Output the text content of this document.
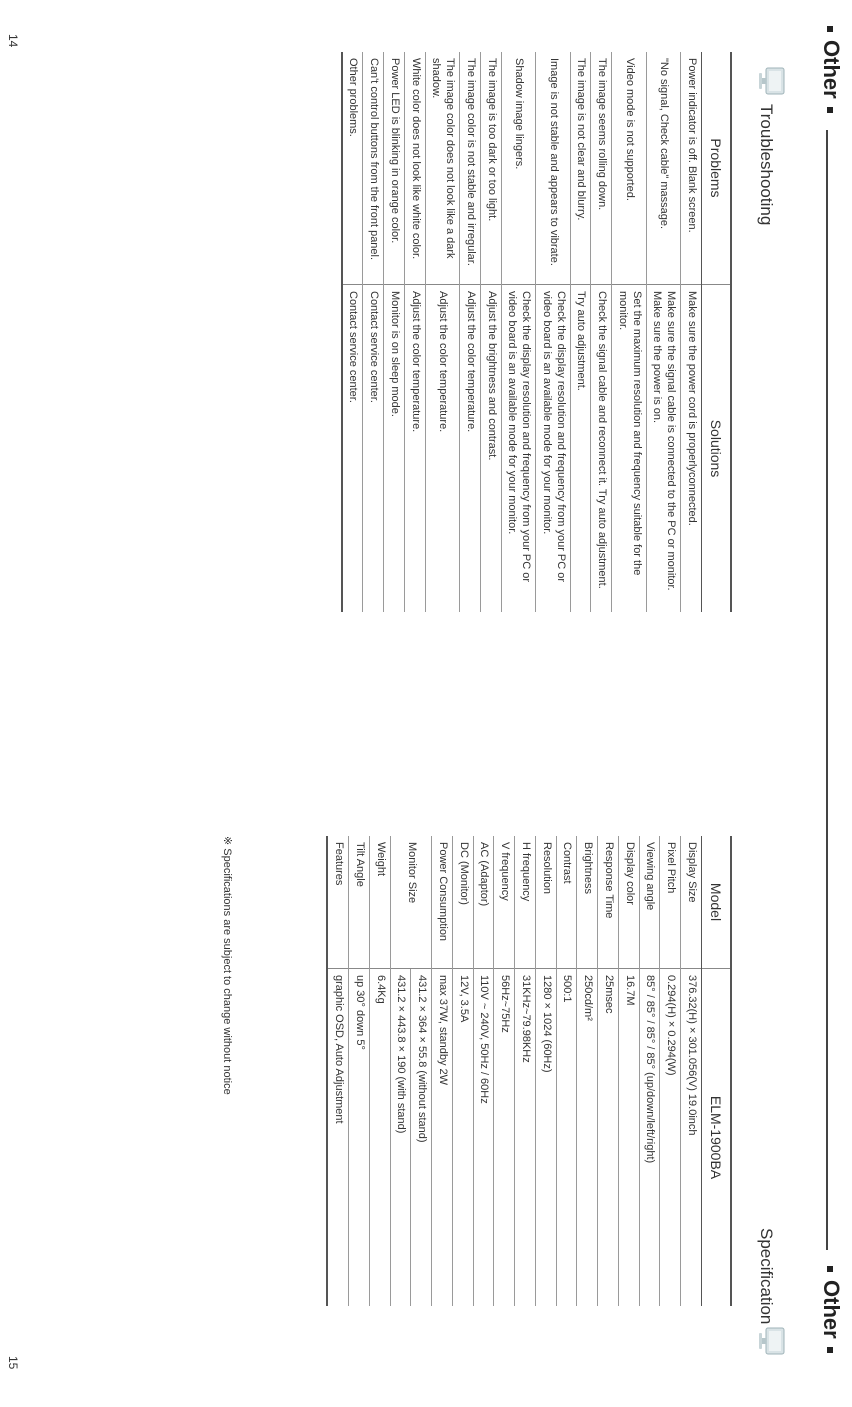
Other
Other
Troubleshooting
Problems	Solutions
Power indicator is off. Blank screen.	Make sure the power cord is properlyconnected.
"No signal, Check cable" massage.	Make sure the signal cable is connected to the PC or monitor. Make sure the power is on.
Video mode is not supported.	Set the maximum resolution and frequency suitable for the monitor.
The image seems rolling down.	Check the signal cable and reconnect it. Try auto adjustment.
The image is not clear and blurry.	Try auto adjustment.
Image is not stable and appears to vibrate.	Check the display resolution and frequency from your PC or video board is an available mode for your monitor.
Shadow image lingers.	Check the display resolution and frequency from your PC or video board is an available mode for your monitor.
The image is too dark or too light.	Adjust the brightness and contrast.
The image color is not stable and irregular.	Adjust the color temperature.
The image color does not look like a dark shadow.	Adjust the color temperature.
White color does not look like white color.	Adjust the color temperature.
Power LED is blinking in orange color.	Monitor is on sleep mode.
Can't control buttons from the front panel.	Contact service center.
Other problems.	Contact service center.
Specification
Model	ELM-1900BA
Display Size	376.32(H) × 301.056(V) 19.0inch
Pixel Pitch	0.294(H) × 0.294(W)
Viewing angle	85° / 85° / 85° / 85° (up/down/left/right)
Display color	16.7M
Response Time	25msec
Brightness	250cd/m²
Contrast	500:1
Resolution	1280 × 1024 (60Hz)
H frequency	31KHz~79.98KHz
V frequency	56Hz~75Hz
AC (Adaptor)	110V ~ 240V, 50Hz / 60Hz
DC (Monitor)	12V, 3.5A
Power Consumption	max 37W, standby 2W
Monitor Size	431.2 × 364 × 55.8 (without stand)
	431.2 × 443.8 × 190 (with stand)
Weight	6.4Kg
Tilt Angle	up 30° down 5°
Features	graphic OSD, Auto Adjustment
※ Specifications are subject to change without notice
14
15
